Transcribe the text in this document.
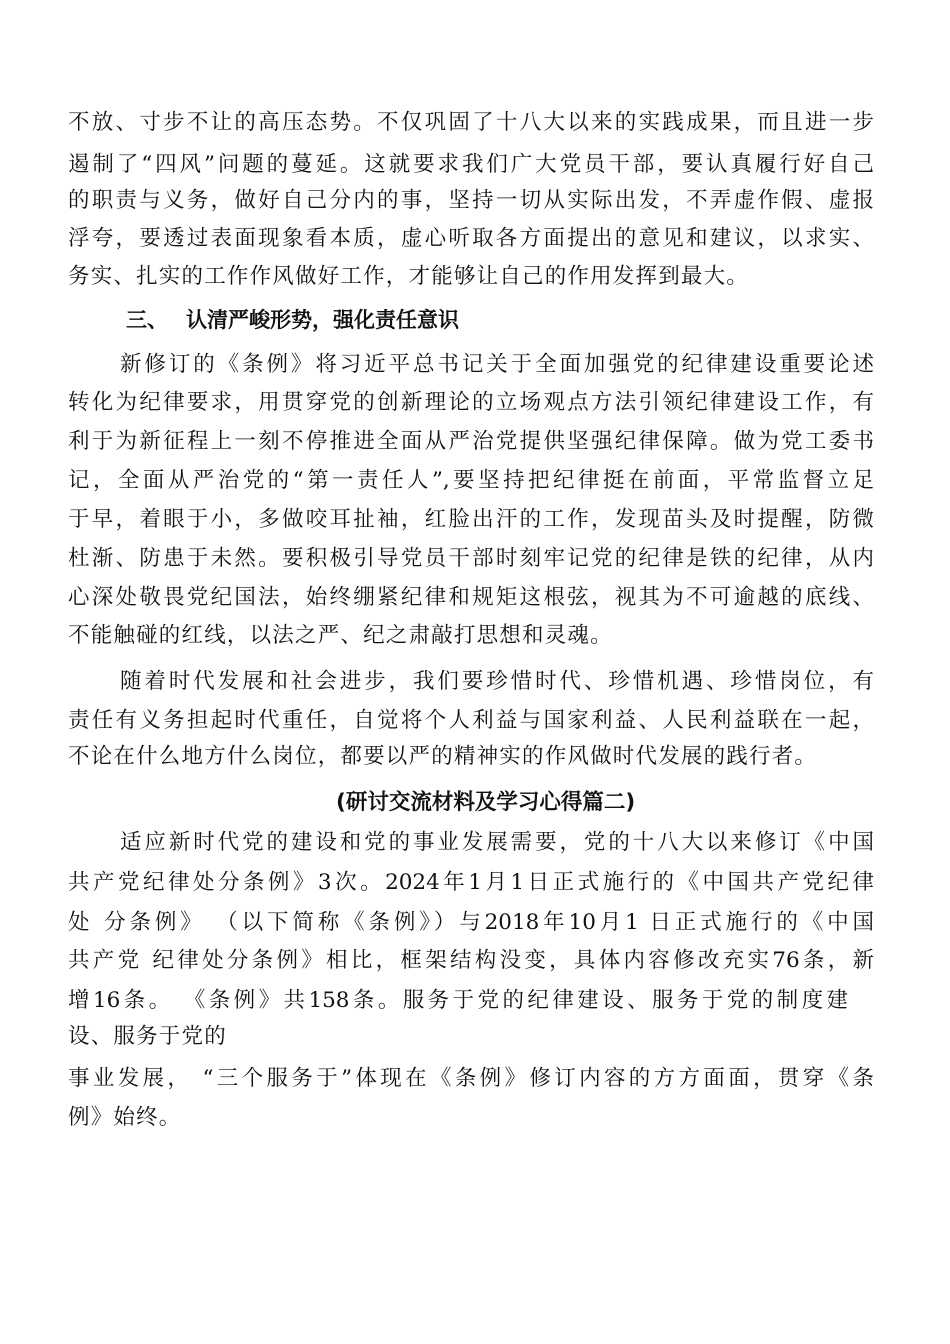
不放、寸步不让的高压态势。不仅巩固了十八大以来的实践成果，而且进一步
遏制了“四风”问题的蔓延。这就要求我们广大党员干部，要认真履行好自己
的职责与义务，做好自己分内的事，坚持一切从实际出发，不弄虚作假、虚报
浮夸，要透过表面现象看本质，虚心听取各方面提出的意见和建议，以求实、
务实、扎实的工作作风做好工作，才能够让自己的作用发挥到最大。
三、 认清严峻形势，强化责任意识
新修订的《条例》将习近平总书记关于全面加强党的纪律建设重要论述
转化为纪律要求，用贯穿党的创新理论的立场观点方法引领纪律建设工作，有
利于为新征程上一刻不停推进全面从严治党提供坚强纪律保障。做为党工委书
记，全面从严治党的“第一责任人”,要坚持把纪律挺在前面，平常监督立足
于早，着眼于小，多做咬耳扯袖，红脸出汗的工作，发现苗头及时提醒，防微
杜渐、防患于未然。要积极引导党员干部时刻牢记党的纪律是铁的纪律，从内
心深处敬畏党纪国法，始终绷紧纪律和规矩这根弦，视其为不可逾越的底线、
不能触碰的红线，以法之严、纪之肃敲打思想和灵魂。
随着时代发展和社会进步，我们要珍惜时代、珍惜机遇、珍惜岗位，有
责任有义务担起时代重任，自觉将个人利益与国家利益、人民利益联在一起，
不论在什么地方什么岗位，都要以严的精神实的作风做时代发展的践行者。
(研讨交流材料及学习心得篇二)
适应新时代党的建设和党的事业发展需要，党的十八大以来修订《中国
共产党纪律处分条例》3次。2024年1月1日正式施行的《中国共产党纪律
处 分条例》 （以下简称《条例》）与2018年10月1 日正式施行的《中国
共产党 纪律处分条例》相比，框架结构没变，具体内容修改充实76条，新
增16条。 《条例》共158条。服务于党的纪律建设、服务于党的制度建
设、服务于党的
事业发展， “三个服务于”体现在《条例》修订内容的方方面面，贯穿《条
例》始终。
